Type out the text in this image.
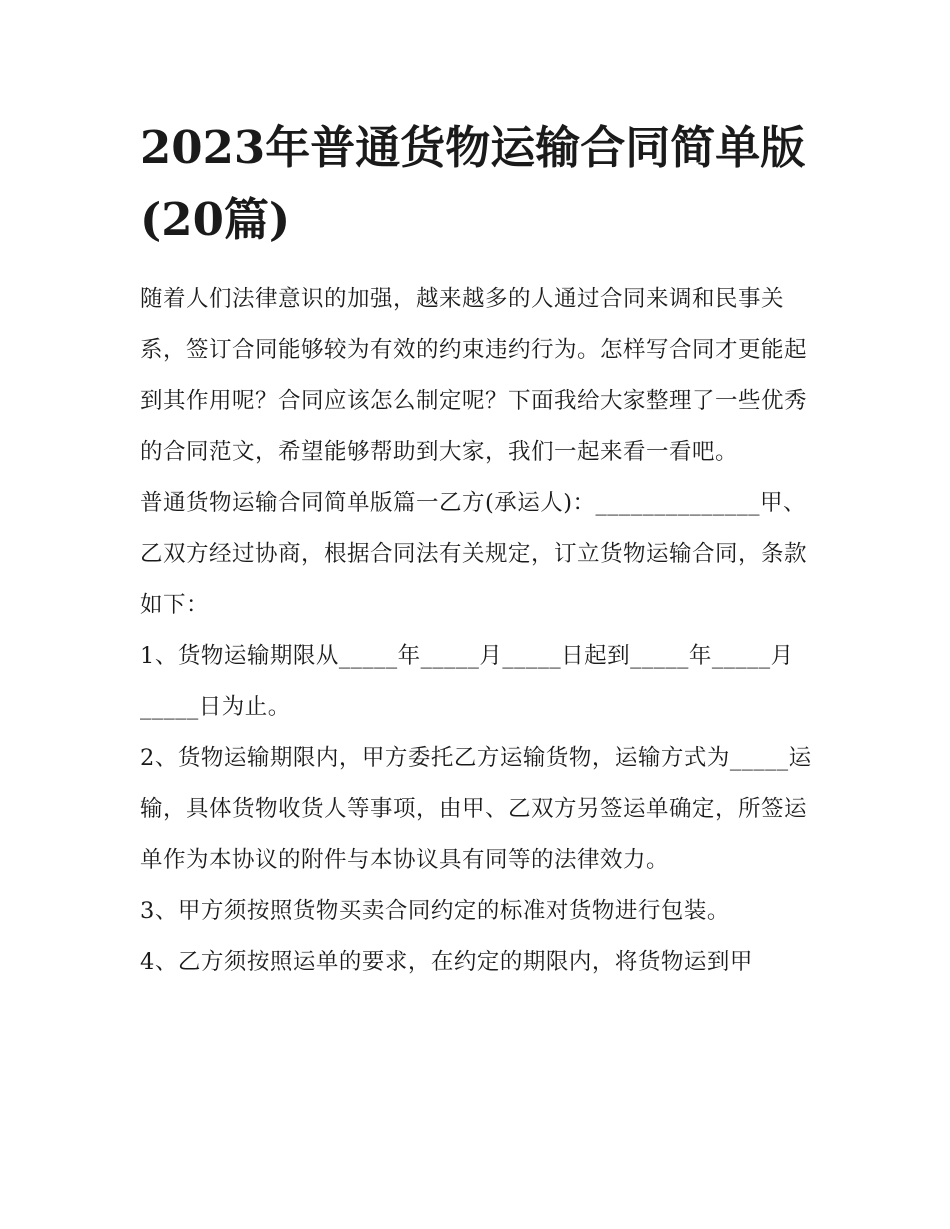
2023年普通货物运输合同简单版(20篇)

随着人们法律意识的加强，越来越多的人通过合同来调和民事关系，签订合同能够较为有效的约束违约行为。怎样写合同才更能起到其作用呢？合同应该怎么制定呢？下面我给大家整理了一些优秀的合同范文，希望能够帮助到大家，我们一起来看一看吧。

普通货物运输合同简单版篇一乙方(承运人)：______________甲、乙双方经过协商，根据合同法有关规定，订立货物运输合同，条款如下：

1、货物运输期限从_____年_____月_____日起到_____年_____月_____日为止。

2、货物运输期限内，甲方委托乙方运输货物，运输方式为_____运输，具体货物收货人等事项，由甲、乙双方另签运单确定，所签运单作为本协议的附件与本协议具有同等的法律效力。

3、甲方须按照货物买卖合同约定的标准对货物进行包装。

4、乙方须按照运单的要求，在约定的期限内，将货物运到甲
